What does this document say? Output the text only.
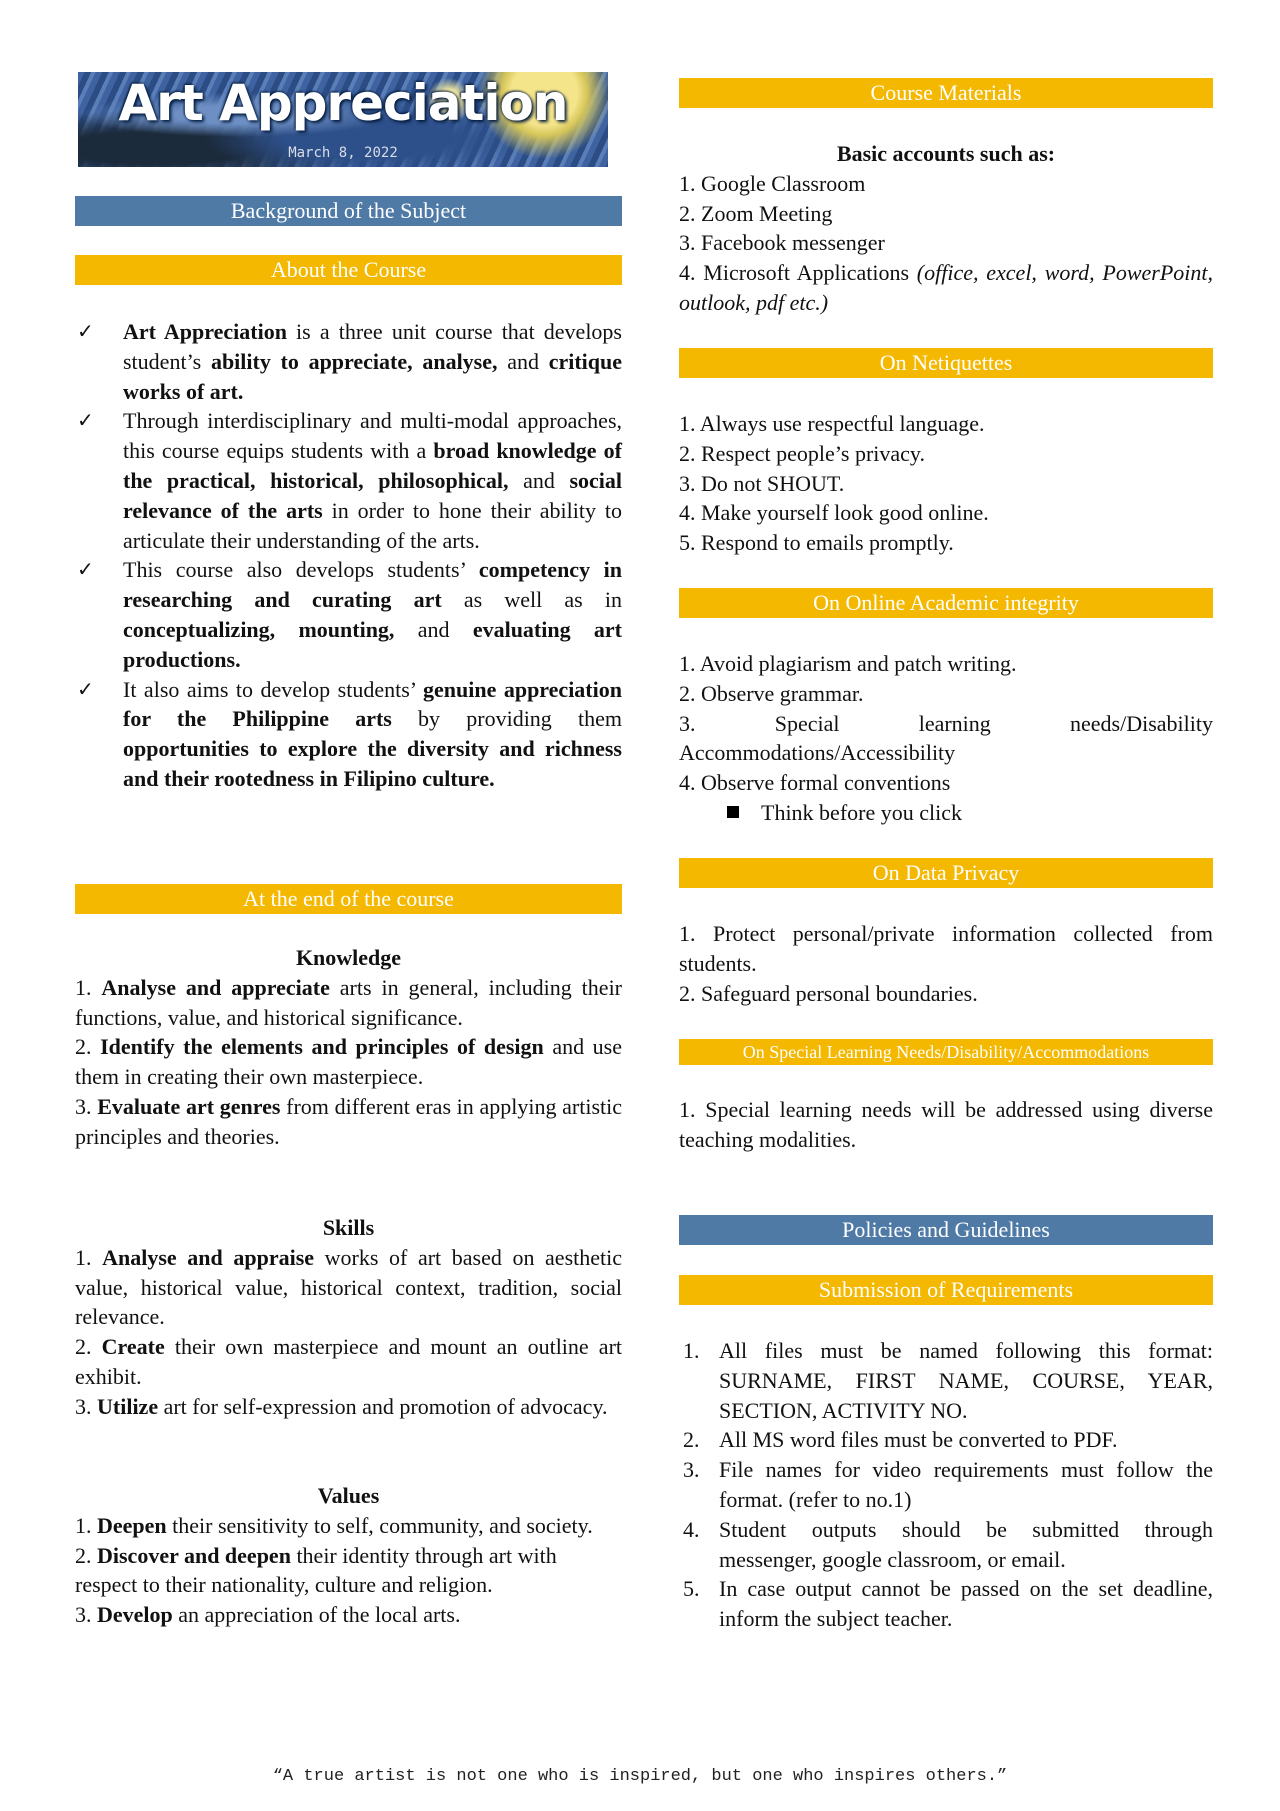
Art Appreciation
March 8, 2022
Background of the Subject
About the Course
✓ Art Appreciation is a three unit course that develops student’s ability to appreciate, analyse, and critique works of art.
✓ Through interdisciplinary and multi-modal approaches, this course equips students with a broad knowledge of the practical, historical, philosophical, and social relevance of the arts in order to hone their ability to articulate their understanding of the arts.
✓ This course also develops students’ competency in researching and curating art as well as in conceptualizing, mounting, and evaluating art productions.
✓ It also aims to develop students’ genuine appreciation for the Philippine arts by providing them opportunities to explore the diversity and richness and their rootedness in Filipino culture.
At the end of the course
Knowledge

1. Analyse and appreciate arts in general, including their functions, value, and historical significance.

2. Identify the elements and principles of design and use them in creating their own masterpiece.

3. Evaluate art genres from different eras in applying artistic principles and theories.

Skills

1. Analyse and appraise works of art based on aesthetic value, historical value, historical context, tradition, social relevance.

2. Create their own masterpiece and mount an outline art exhibit.

3. Utilize art for self-expression and promotion of advocacy.

Values

1. Deepen their sensitivity to self, community, and society.

2. Discover and deepen their identity through art with respect to their nationality, culture and religion.

3. Develop an appreciation of the local arts.

Course Materials
Basic accounts such as:

1. Google Classroom

2. Zoom Meeting

3. Facebook messenger

4. Microsoft Applications (office, excel, word, PowerPoint, outlook, pdf etc.)

On Netiquettes

1. Always use respectful language.

2. Respect people’s privacy.

3. Do not SHOUT.

4. Make yourself look good online.

5. Respond to emails promptly.

On Online Academic integrity

1. Avoid plagiarism and patch writing.

2. Observe grammar.

3. Special learning needs/Disability Accommodations/Accessibility

4. Observe formal conventions

Think before you click

On Data Privacy

1. Protect personal/private information collected from students.

2. Safeguard personal boundaries.

On Special Learning Needs/Disability/Accommodations

1. Special learning needs will be addressed using diverse teaching modalities.

Policies and Guidelines
Submission of Requirements
1. All files must be named following this format: SURNAME, FIRST NAME, COURSE, YEAR, SECTION, ACTIVITY NO.
2. All MS word files must be converted to PDF.
3. File names for video requirements must follow the format. (refer to no.1)
4. Student outputs should be submitted through messenger, google classroom, or email.
5. In case output cannot be passed on the set deadline, inform the subject teacher.
“A true artist is not one who is inspired, but one who inspires others.”
